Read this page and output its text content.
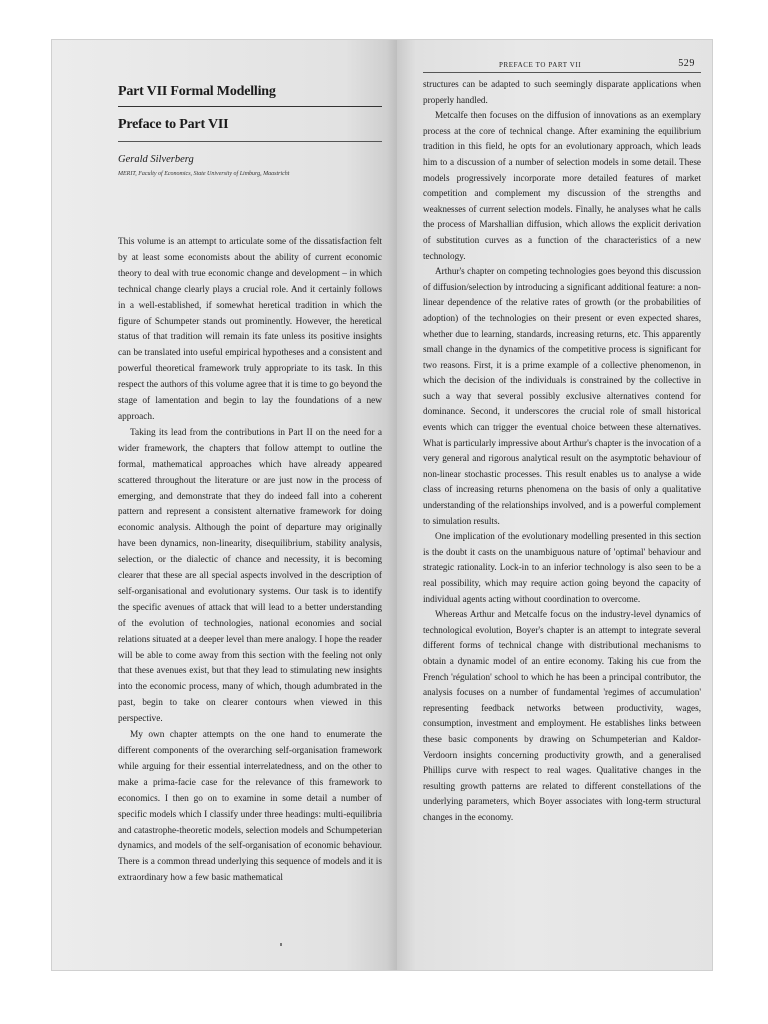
Part VII Formal Modelling
Preface to Part VII
Gerald Silverberg
MERIT, Faculty of Economics, State University of Limburg, Maastricht

This volume is an attempt to articulate some of the dissatisfaction felt by at least some economists about the ability of current economic theory to deal with true economic change and development – in which technical change clearly plays a crucial role. And it certainly follows in a well-established, if somewhat heretical tradition in which the figure of Schumpeter stands out prominently. However, the heretical status of that tradition will remain its fate unless its positive insights can be translated into useful empirical hypotheses and a consistent and powerful theoretical framework truly appropriate to its task. In this respect the authors of this volume agree that it is time to go beyond the stage of lamentation and begin to lay the foundations of a new approach.

Taking its lead from the contributions in Part II on the need for a wider framework, the chapters that follow attempt to outline the formal, mathematical approaches which have already appeared scattered throughout the literature or are just now in the process of emerging, and demonstrate that they do indeed fall into a coherent pattern and represent a consistent alternative framework for doing economic analysis. Although the point of departure may originally have been dynamics, non-linearity, disequilibrium, stability analysis, selection, or the dialectic of chance and necessity, it is becoming clearer that these are all special aspects involved in the description of self-organisational and evolutionary systems. Our task is to identify the specific avenues of attack that will lead to a better understanding of the evolution of technologies, national economies and social relations situated at a deeper level than mere analogy. I hope the reader will be able to come away from this section with the feeling not only that these avenues exist, but that they lead to stimulating new insights into the economic process, many of which, though adumbrated in the past, begin to take on clearer contours when viewed in this perspective.

My own chapter attempts on the one hand to enumerate the different components of the overarching self-organisation framework while arguing for their essential interrelatedness, and on the other to make a prima-facie case for the relevance of this framework to economics. I then go on to examine in some detail a number of specific models which I classify under three headings: multi-equilibria and catastrophe-theoretic models, selection models and Schumpeterian dynamics, and models of the self-organisation of economic behaviour. There is a common thread underlying this sequence of models and it is extraordinary how a few basic mathematical

PREFACE TO PART VII	529

structures can be adapted to such seemingly disparate applications when properly handled.

Metcalfe then focuses on the diffusion of innovations as an exemplary process at the core of technical change. After examining the equilibrium tradition in this field, he opts for an evolutionary approach, which leads him to a discussion of a number of selection models in some detail. These models progressively incorporate more detailed features of market competition and complement my discussion of the strengths and weaknesses of current selection models. Finally, he analyses what he calls the process of Marshallian diffusion, which allows the explicit derivation of substitution curves as a function of the characteristics of a new technology.

Arthur's chapter on competing technologies goes beyond this discussion of diffusion/selection by introducing a significant additional feature: a non-linear dependence of the relative rates of growth (or the probabilities of adoption) of the technologies on their present or even expected shares, whether due to learning, standards, increasing returns, etc. This apparently small change in the dynamics of the competitive process is significant for two reasons. First, it is a prime example of a collective phenomenon, in which the decision of the individuals is constrained by the collective in such a way that several possibly exclusive alternatives contend for dominance. Second, it underscores the crucial role of small historical events which can trigger the eventual choice between these alternatives. What is particularly impressive about Arthur's chapter is the invocation of a very general and rigorous analytical result on the asymptotic behaviour of non-linear stochastic processes. This result enables us to analyse a wide class of increasing returns phenomena on the basis of only a qualitative understanding of the relationships involved, and is a powerful complement to simulation results.

One implication of the evolutionary modelling presented in this section is the doubt it casts on the unambiguous nature of 'optimal' behaviour and strategic rationality. Lock-in to an inferior technology is also seen to be a real possibility, which may require action going beyond the capacity of individual agents acting without coordination to overcome.

Whereas Arthur and Metcalfe focus on the industry-level dynamics of technological evolution, Boyer's chapter is an attempt to integrate several different forms of technical change with distributional mechanisms to obtain a dynamic model of an entire economy. Taking his cue from the French 'régulation' school to which he has been a principal contributor, the analysis focuses on a number of fundamental 'regimes of accumulation' representing feedback networks between productivity, wages, consumption, investment and employment. He establishes links between these basic components by drawing on Schumpeterian and Kaldor-Verdoorn insights concerning productivity growth, and a generalised Phillips curve with respect to real wages. Qualitative changes in the resulting growth patterns are related to different constellations of the underlying parameters, which Boyer associates with long-term structural changes in the economy.
